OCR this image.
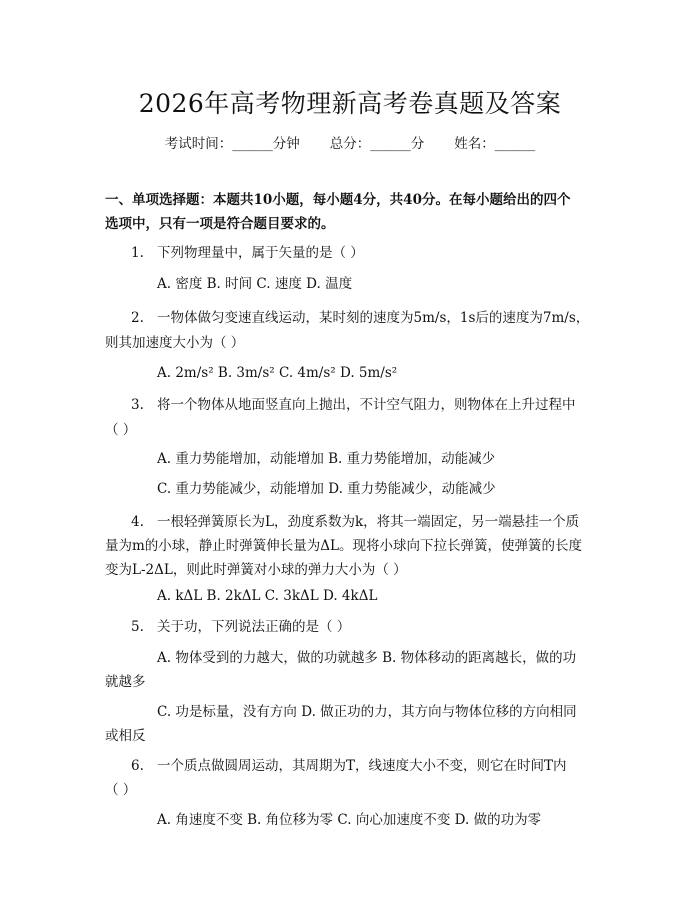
2026年高考物理新高考卷真题及答案
考试时间：______分钟 总分：______分 姓名：______
一、单项选择题：本题共10小题，每小题4分，共40分。在每小题给出的四个
选项中，只有一项是符合题目要求的。
1. 下列物理量中，属于矢量的是（ ）
A. 密度 B. 时间 C. 速度 D. 温度
2. 一物体做匀变速直线运动，某时刻的速度为5m/s，1s后的速度为7m/s，
则其加速度大小为（ ）
A. 2m/s² B. 3m/s² C. 4m/s² D. 5m/s²
3. 将一个物体从地面竖直向上抛出，不计空气阻力，则物体在上升过程中
（ ）
A. 重力势能增加，动能增加 B. 重力势能增加，动能减少
C. 重力势能减少，动能增加 D. 重力势能减少，动能减少
4. 一根轻弹簧原长为L，劲度系数为k，将其一端固定，另一端悬挂一个质
量为m的小球，静止时弹簧伸长量为ΔL。现将小球向下拉长弹簧，使弹簧的长度
变为L-2ΔL，则此时弹簧对小球的弹力大小为（ ）
A. kΔL B. 2kΔL C. 3kΔL D. 4kΔL
5. 关于功，下列说法正确的是（ ）
A. 物体受到的力越大，做的功就越多 B. 物体移动的距离越长，做的功
就越多
C. 功是标量，没有方向 D. 做正功的力，其方向与物体位移的方向相同
或相反
6. 一个质点做圆周运动，其周期为T，线速度大小不变，则它在时间T内
（ ）
A. 角速度不变 B. 角位移为零 C. 向心加速度不变 D. 做的功为零
